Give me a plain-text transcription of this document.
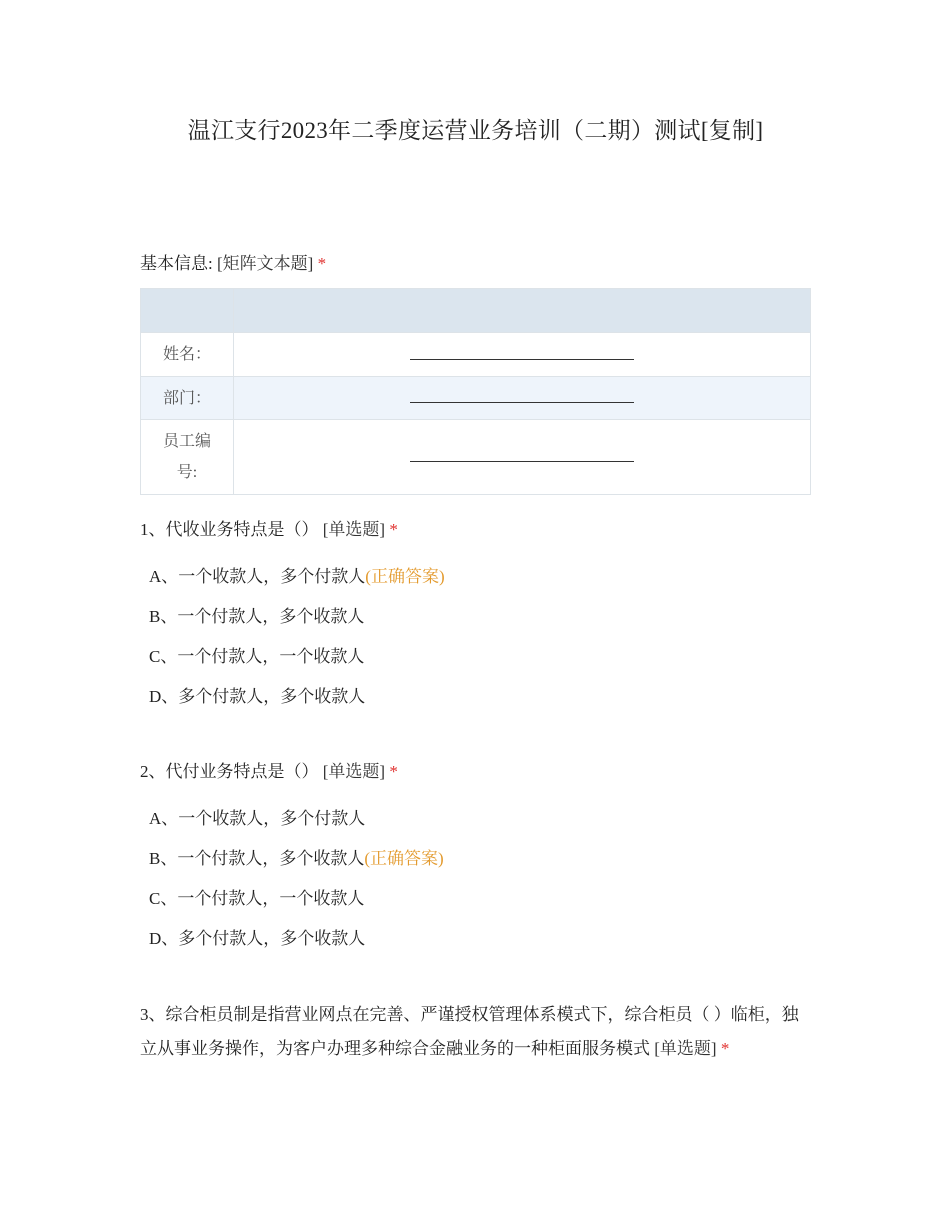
温江支行2023年二季度运营业务培训（二期）测试[复制]
基本信息: [矩阵文本题] *

姓名：	
部门：	
员工编号:	
1、代收业务特点是（） [单选题] *
A、一个收款人，多个付款人(正确答案)
B、一个付款人，多个收款人
C、一个付款人，一个收款人
D、多个付款人，多个收款人
2、代付业务特点是（） [单选题] *
A、一个收款人，多个付款人
B、一个付款人，多个收款人(正确答案)
C、一个付款人，一个收款人
D、多个付款人，多个收款人
3、综合柜员制是指营业网点在完善、严谨授权管理体系模式下，综合柜员（ ）临柜，独立从事业务操作，为客户办理多种综合金融业务的一种柜面服务模式 [单选题] *
